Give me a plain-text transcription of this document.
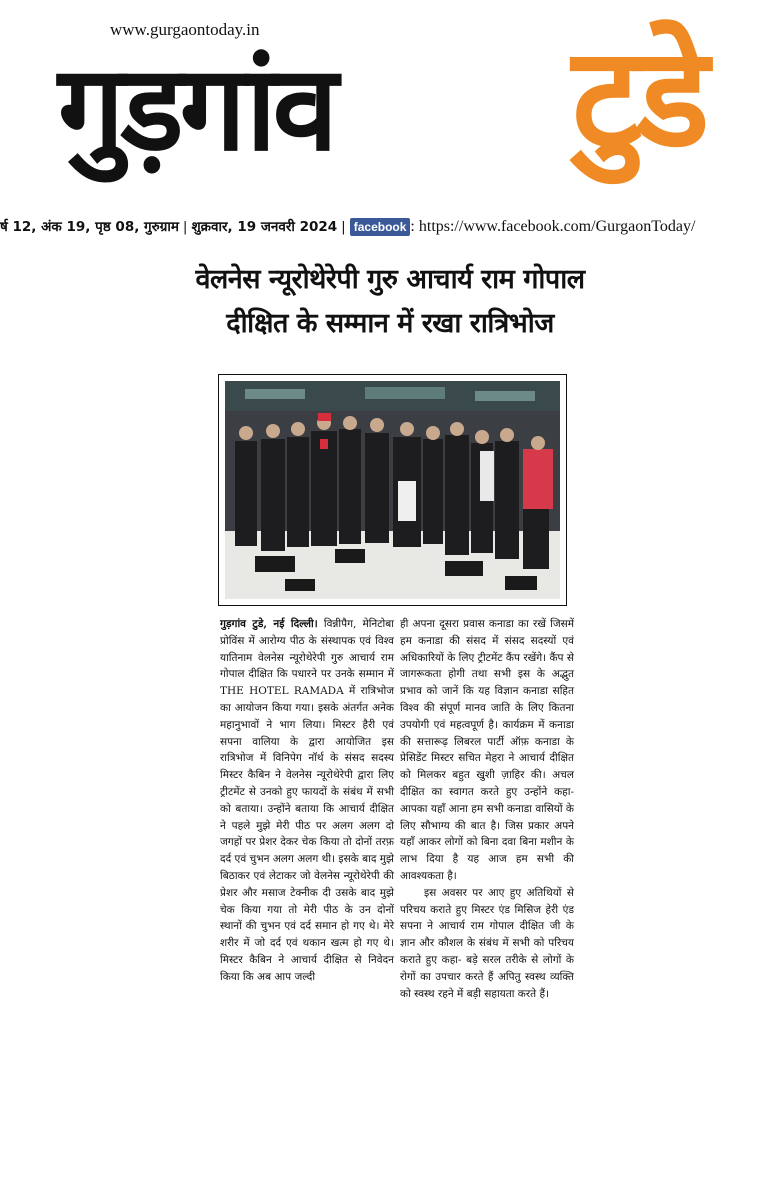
www.gurgaontoday.in
गुड़गांव टुडे
र्ष 12, अंक 19, पृष्ठ 08, गुरुग्राम | शुक्रवार, 19 जनवरी 2024 | facebook : https://www.facebook.com/GurgaonToday/
वेलनेस न्यूरोथेरेपी गुरु आचार्य राम गोपाल
दीक्षित के सम्मान में रखा रात्रिभोज

गुड़गांव टुडे, नई दिल्ली। विन्नीपैग, मेनिटोबा प्रोविंस में आरोग्य पीठ के संस्थापक एवं विश्व यातिनाम वेलनेस न्यूरोथेरेपी गुरु आचार्य राम गोपाल दीक्षित कि पधारने पर उनके सम्मान में THE HOTEL RAMADA में रात्रिभोज का आयोजन किया गया। इसके अंतर्गत अनेक महानुभावों ने भाग लिया। मिस्टर हैरी एवं सपना वालिया के द्वारा आयोजित इस रात्रिभोज में विनिपेग नॉर्थ के संसद सदस्य मिस्टर कैबिन ने वेलनेस न्यूरोथेरेपी द्वारा लिए ट्रीटमेंट से उनको हुए फायदों के संबंध में सभी को बताया। उन्होंने बताया कि आचार्य दीक्षित ने पहले मुझे मेरी पीठ पर अलग अलग दो जगहों पर प्रेशर देकर चेक किया तो दोनों तरफ़ दर्द एवं चुभन अलग अलग थी। इसके बाद मुझे बिठाकर एवं लेटाकर जो वेलनेस न्यूरोथेरेपी की प्रेशर और मसाज टेक्नीक दी उसके बाद मुझे चेक किया गया तो मेरी पीठ के उन दोनों स्थानों की चुभन एवं दर्द समान हो गए थे। मेरे शरीर में जो दर्द एवं थकान खत्म हो गए थे। मिस्टर कैबिन ने आचार्य दीक्षित से निवेदन किया कि अब आप जल्दी

ही अपना दूसरा प्रवास कनाडा का रखें जिसमें हम कनाडा की संसद में संसद सदस्यों एवं अधिकारियों के लिए ट्रीटमेंट कैंप रखेंगे। कैंप से जागरूकता होगी तथा सभी इस के अद्भुत प्रभाव को जानें कि यह विज्ञान कनाडा सहित विश्व की संपूर्ण मानव जाति के लिए कितना उपयोगी एवं महत्वपूर्ण है। कार्यक्रम में कनाडा की सत्तारूढ़ लिबरल पार्टी ऑफ़ कनाडा के प्रेसिडेंट मिस्टर सचित मेहरा ने आचार्य दीक्षित को मिलकर बहुत खुशी ज़ाहिर की। अचल दीक्षित का स्वागत करते हुए उन्होंने कहा- आपका यहाँ आना हम सभी कनाडा वासियों के लिए सौभाग्य की बात है। जिस प्रकार अपने यहाँ आकर लोगों को बिना दवा बिना मशीन के लाभ दिया है यह आज हम सभी की आवश्यकता है।

इस अवसर पर आए हुए अतिथियों से परिचय कराते हुए मिस्टर एंड मिसिज हेरी एंड सपना ने आचार्य राम गोपाल दीक्षित जी के ज्ञान और कौशल के संबंध में सभी को परिचय कराते हुए कहा- बड़े सरल तरीके से लोगों के रोगों का उपचार करते हैं अपितु स्वस्थ व्यक्ति को स्वस्थ रहने में बड़ी सहायता करते हैं।
